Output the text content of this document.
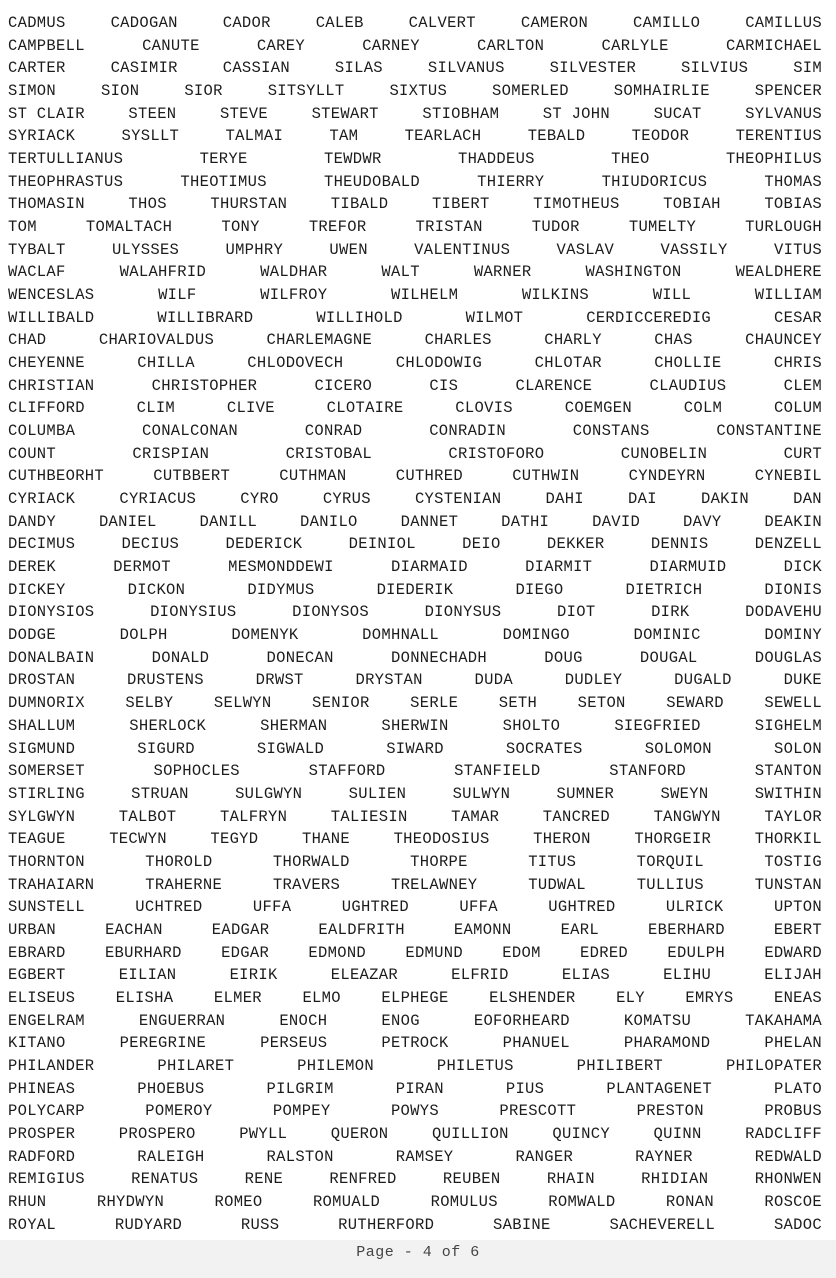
CADMUS	CADOGAN	CADOR	CALEB	CALVERT	CAMERON	CAMILLO	CAMILLUS
CAMPBELL	CANUTE	CAREY	CARNEY	CARLTON	CARLYLE	CARMICHAEL
CARTER	CASIMIR	CASSIAN	SILAS	SILVANUS	SILVESTER	SILVIUS	SIM
SIMON	SION	SIOR	SITSYLLT	SIXTUS	SOMERLED	SOMHAIRLIE	SPENCER
ST CLAIR	STEEN	STEVE	STEWART	STIOBHAM	ST JOHN	SUCAT	SYLVANUS
SYRIACK	SYSLLT	TALMAI	TAM	TEARLACH	TEBALD	TEODOR	TERENTIUS
TERTULLIANUS	TERYE	TEWDWR	THADDEUS	THEO	THEOPHILUS
THEOPHRASTUS	THEOTIMUS	THEUDOBALD	THIERRY	THIUDORICUS	THOMAS
THOMASIN	THOS	THURSTAN	TIBALD	TIBERT	TIMOTHEUS	TOBIAH	TOBIAS
TOM	TOMALTACH	TONY	TREFOR	TRISTAN	TUDOR	TUMELTY	TURLOUGH
TYBALT	ULYSSES	UMPHRY	UWEN	VALENTINUS	VASLAV	VASSILY	VITUS
WACLAF	WALAHFRID	WALDHAR	WALT	WARNER	WASHINGTON	WEALDHERE
WENCESLAS	WILF	WILFROY	WILHELM	WILKINS	WILL	WILLIAM
WILLIBALD	WILLIBRARD	WILLIHOLD	WILMOT	CERDICCEREDIG	CESAR
CHAD	CHARIOVALDUS	CHARLEMAGNE	CHARLES	CHARLY	CHAS	CHAUNCEY
CHEYENNE	CHILLA	CHLODOVECH	CHLODOWIG	CHLOTAR	CHOLLIE	CHRIS
CHRISTIAN	CHRISTOPHER	CICERO	CIS	CLARENCE	CLAUDIUS	CLEM
CLIFFORD	CLIM	CLIVE	CLOTAIRE	CLOVIS	COEMGEN	COLM	COLUM
COLUMBA	CONALCONAN	CONRAD	CONRADIN	CONSTANS	CONSTANTINE
COUNT	CRISPIAN	CRISTOBAL	CRISTOFORO	CUNOBELIN	CURT
CUTHBEORHT	CUTBBERT	CUTHMAN	CUTHRED	CUTHWIN	CYNDEYRN	CYNEBIL
CYRIACK	CYRIACUS	CYRO	CYRUS	CYSTENIAN	DAHI	DAI	DAKIN	DAN
DANDY	DANIEL	DANILL	DANILO	DANNET	DATHI	DAVID	DAVY	DEAKIN
DECIMUS	DECIUS	DEDERICK	DEINIOL	DEIO	DEKKER	DENNIS	DENZELL
DEREK	DERMOT	MESMONDDEWI	DIARMAID	DIARMIT	DIARMUID	DICK
DICKEY	DICKON	DIDYMUS	DIEDERIK	DIEGO	DIETRICH	DIONIS
DIONYSIOS	DIONYSIUS	DIONYSOS	DIONYSUS	DIOT	DIRK	DODAVEHU
DODGE	DOLPH	DOMENYK	DOMHNALL	DOMINGO	DOMINIC	DOMINY
DONALBAIN	DONALD	DONECAN	DONNECHADH	DOUG	DOUGAL	DOUGLAS
DROSTAN	DRUSTENS	DRWST	DRYSTAN	DUDA	DUDLEY	DUGALD	DUKE
DUMNORIX	SELBY	SELWYN	SENIOR	SERLE	SETH	SETON	SEWARD	SEWELL
SHALLUM	SHERLOCK	SHERMAN	SHERWIN	SHOLTO	SIEGFRIED	SIGHELM
SIGMUND	SIGURD	SIGWALD	SIWARD	SOCRATES	SOLOMON	SOLON
SOMERSET	SOPHOCLES	STAFFORD	STANFIELD	STANFORD	STANTON
STIRLING	STRUAN	SULGWYN	SULIEN	SULWYN	SUMNER	SWEYN	SWITHIN
SYLGWYN	TALBOT	TALFRYN	TALIESIN	TAMAR	TANCRED	TANGWYN	TAYLOR
TEAGUE	TECWYN	TEGYD	THANE	THEODOSIUS	THERON	THORGEIR	THORKIL
THORNTON	THOROLD	THORWALD	THORPE	TITUS	TORQUIL	TOSTIG
TRAHAIARN	TRAHERNE	TRAVERS	TRELAWNEY	TUDWAL	TULLIUS	TUNSTAN
SUNSTELL	UCHTRED	UFFA	UGHTRED	UFFA	UGHTRED	ULRICK	UPTON
URBAN	EACHAN	EADGAR	EALDFRITH	EAMONN	EARL	EBERHARD	EBERT
EBRARD	EBURHARD	EDGAR	EDMOND	EDMUND	EDOM	EDRED	EDULPH	EDWARD
EGBERT	EILIAN	EIRIK	ELEAZAR	ELFRID	ELIAS	ELIHU	ELIJAH
ELISEUS	ELISHA	ELMER	ELMO	ELPHEGE	ELSHENDER	ELY	EMRYS	ENEAS
ENGELRAM	ENGUERRAN	ENOCH	ENOG	EOFORHEARD	KOMATSU	TAKAHAMA
KITANO	PEREGRINE	PERSEUS	PETROCK	PHANUEL	PHARAMOND	PHELAN
PHILANDER	PHILARET	PHILEMON	PHILETUS	PHILIBERT	PHILOPATER
PHINEAS	PHOEBUS	PILGRIM	PIRAN	PIUS	PLANTAGENET	PLATO
POLYCARP	POMEROY	POMPEY	POWYS	PRESCOTT	PRESTON	PROBUS
PROSPER	PROSPERO	PWYLL	QUERON	QUILLION	QUINCY	QUINN	RADCLIFF
RADFORD	RALEIGH	RALSTON	RAMSEY	RANGER	RAYNER	REDWALD
REMIGIUS	RENATUS	RENE	RENFRED	REUBEN	RHAIN	RHIDIAN	RHONWEN
RHUN	RHYDWYN	ROMEO	ROMUALD	ROMULUS	ROMWALD	RONAN	ROSCOE
ROYAL	RUDYARD	RUSS	RUTHERFORD	SABINE	SACHEVERELL	SADOC
Page - 4 of 6
